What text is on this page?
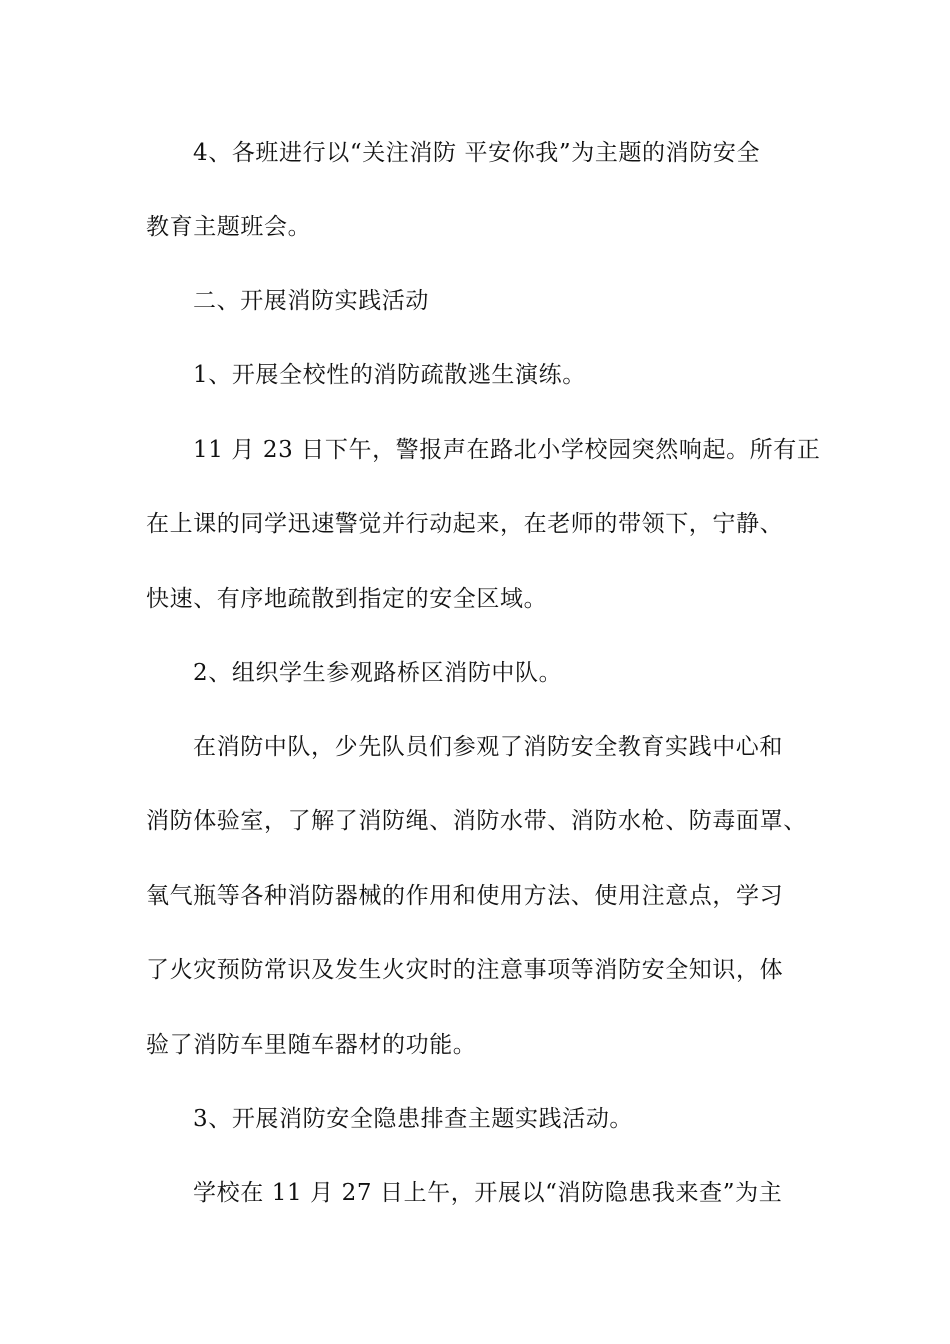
4、各班进行以“关注消防 平安你我”为主题的消防安全
教育主题班会。
二、开展消防实践活动
1、开展全校性的消防疏散逃生演练。
11 月 23 日下午，警报声在路北小学校园突然响起。所有正
在上课的同学迅速警觉并行动起来，在老师的带领下，宁静、
快速、有序地疏散到指定的安全区域。
2、组织学生参观路桥区消防中队。
在消防中队，少先队员们参观了消防安全教育实践中心和
消防体验室，了解了消防绳、消防水带、消防水枪、防毒面罩、
氧气瓶等各种消防器械的作用和使用方法、使用注意点，学习
了火灾预防常识及发生火灾时的注意事项等消防安全知识，体
验了消防车里随车器材的功能。
3、开展消防安全隐患排查主题实践活动。
学校在 11 月 27 日上午，开展以“消防隐患我来查”为主
